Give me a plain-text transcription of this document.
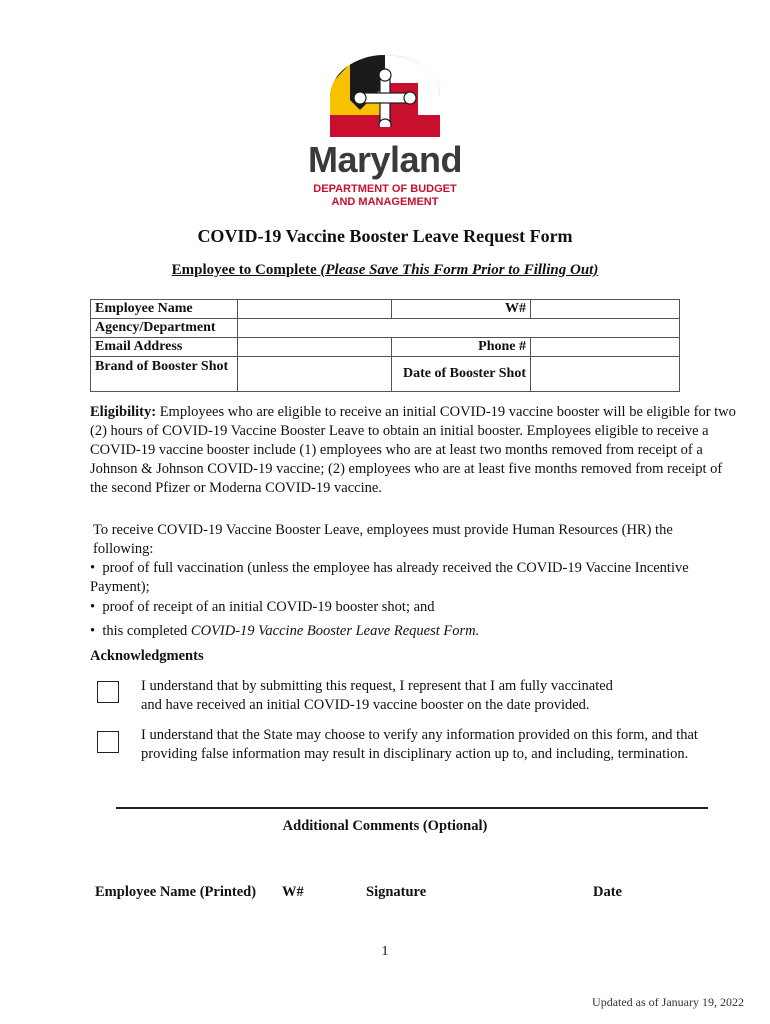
Maryland
DEPARTMENT OF BUDGET
AND MANAGEMENT
COVID-19 Vaccine Booster Leave Request Form
Employee to Complete (Please Save This Form Prior to Filling Out)
Employee Name		W#	
Agency/Department			
Email Address		Phone #	
Brand of Booster Shot		Date of Booster Shot	
Eligibility: Employees who are eligible to receive an initial COVID-19 vaccine booster will be eligible for two (2) hours of COVID-19 Vaccine Booster Leave to obtain an initial booster. Employees eligible to receive a COVID-19 vaccine booster include (1) employees who are at least two months removed from receipt of a Johnson & Johnson COVID-19 vaccine; (2) employees who are at least five months removed from receipt of the second Pfizer or Moderna COVID-19 vaccine.
To receive COVID-19 Vaccine Booster Leave, employees must provide Human Resources (HR) the
following:
• proof of full vaccination (unless the employee has already received the COVID-19 Vaccine Incentive
Payment);
• proof of receipt of an initial COVID-19 booster shot; and
• this completed COVID-19 Vaccine Booster Leave Request Form.
Acknowledgments
I understand that by submitting this request, I represent that I am fully vaccinated
and have received an initial COVID-19 vaccine booster on the date provided.
I understand that the State may choose to verify any information provided on this form, and that
providing false information may result in disciplinary action up to, and including, termination.
Additional Comments (Optional)
Employee Name (Printed) W#	Signature	Date
1
Updated as of January 19, 2022
